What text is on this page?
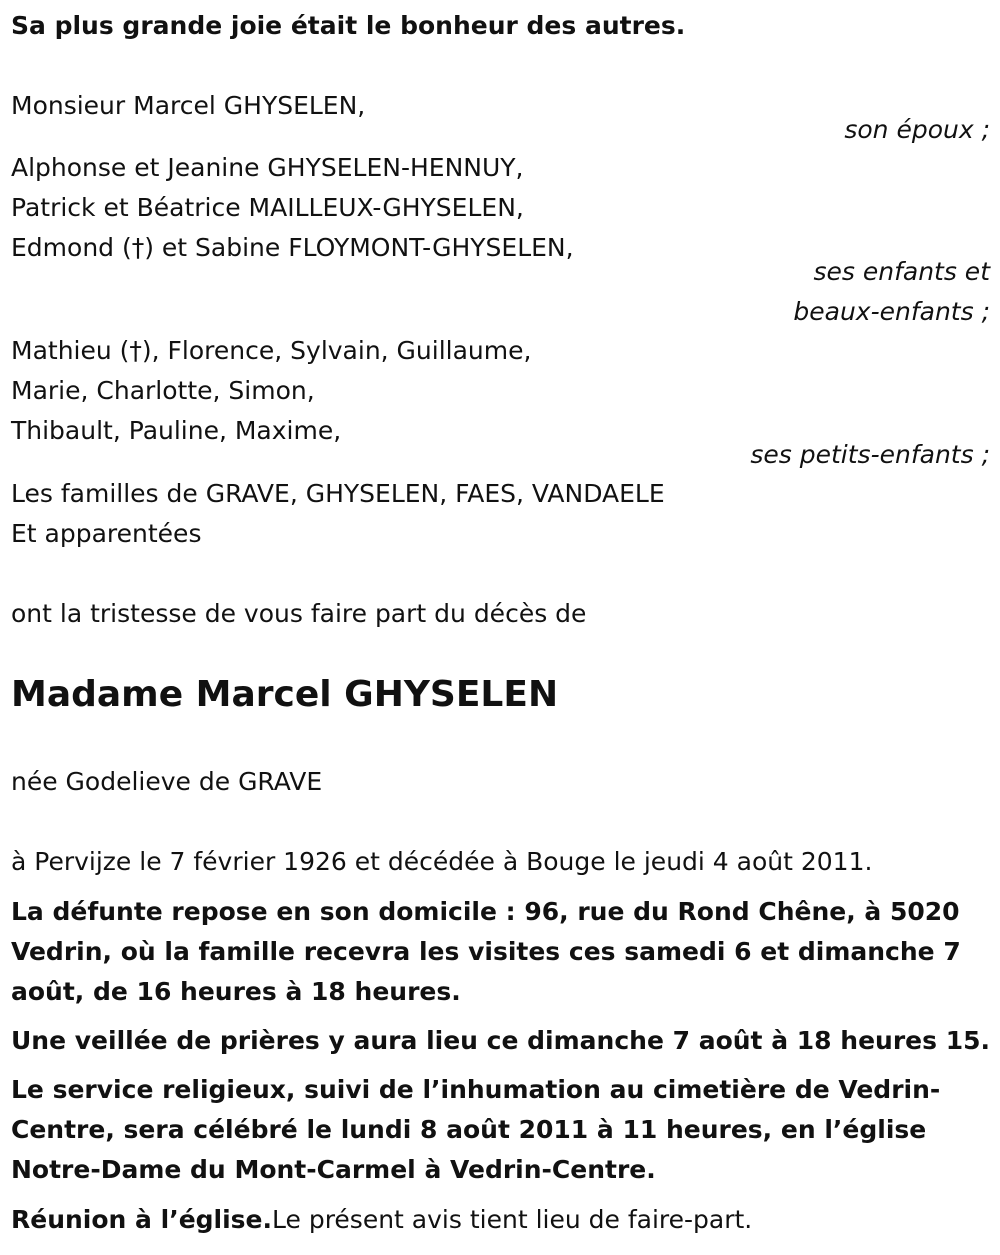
Sa plus grande joie était le bonheur des autres.
Monsieur Marcel GHYSELEN,
son époux ;
Alphonse et Jeanine GHYSELEN-HENNUY,
Patrick et Béatrice MAILLEUX-GHYSELEN,
Edmond (†) et Sabine FLOYMONT-GHYSELEN,
ses enfants et
beaux-enfants ;
Mathieu (†), Florence, Sylvain, Guillaume,
Marie, Charlotte, Simon,
Thibault, Pauline, Maxime,
ses petits-enfants ;
Les familles de GRAVE, GHYSELEN, FAES, VANDAELE
Et apparentées
ont la tristesse de vous faire part du décès de
Madame Marcel GHYSELEN
née Godelieve de GRAVE
à Pervijze le 7 février 1926 et décédée à Bouge le jeudi 4 août 2011.
La défunte repose en son domicile : 96, rue du Rond Chêne, à 5020 Vedrin, où la famille recevra les visites ces samedi 6 et dimanche 7 août, de 16 heures à 18 heures.
Une veillée de prières y aura lieu ce dimanche 7 août à 18 heures 15.
Le service religieux, suivi de l’inhumation au cimetière de Vedrin-Centre, sera célébré le lundi 8 août 2011 à 11 heures, en l’église Notre-Dame du Mont-Carmel à Vedrin-Centre.
Réunion à l’église.Le présent avis tient lieu de faire-part.
